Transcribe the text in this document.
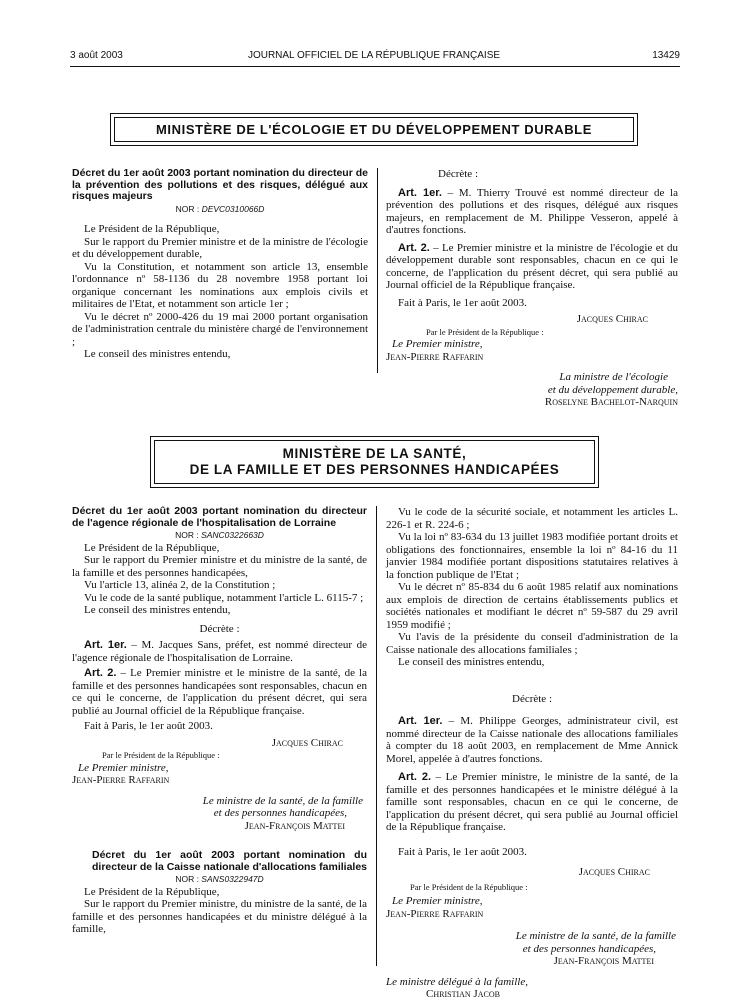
3 août 2003	JOURNAL OFFICIEL DE LA RÉPUBLIQUE FRANÇAISE	13429
MINISTÈRE DE L'ÉCOLOGIE ET DU DÉVELOPPEMENT DURABLE

Décret du 1er août 2003 portant nomination du directeur de la prévention des pollutions et des risques, délégué aux risques majeurs

NOR : DEVC0310066D

Le Président de la République,

Sur le rapport du Premier ministre et de la ministre de l'écologie et du développement durable,

Vu la Constitution, et notamment son article 13, ensemble l'ordonnance nº 58-1136 du 28 novembre 1958 portant loi organique concernant les nominations aux emplois civils et militaires de l'Etat, et notamment son article 1er ;

Vu le décret nº 2000-426 du 19 mai 2000 portant organisation de l'administration centrale du ministère chargé de l'environnement ;

Le conseil des ministres entendu,

Décrète :

Art. 1er. – M. Thierry Trouvé est nommé directeur de la prévention des pollutions et des risques, délégué aux risques majeurs, en remplacement de M. Philippe Vesseron, appelé à d'autres fonctions.

Art. 2. – Le Premier ministre et la ministre de l'écologie et du développement durable sont responsables, chacun en ce qui le concerne, de l'application du présent décret, qui sera publié au Journal officiel de la République française.

Fait à Paris, le 1er août 2003.

Jacques Chirac

Par le Président de la République :

Le Premier ministre,

Jean-Pierre Raffarin

La ministre de l'écologie

et du développement durable,

Roselyne Bachelot-Narquin

MINISTÈRE DE LA SANTÉ,
DE LA FAMILLE ET DES PERSONNES HANDICAPÉES

Décret du 1er août 2003 portant nomination du directeur de l'agence régionale de l'hospitalisation de Lorraine

NOR : SANC0322663D

Le Président de la République,

Sur le rapport du Premier ministre et du ministre de la santé, de la famille et des personnes handicapées,

Vu l'article 13, alinéa 2, de la Constitution ;

Vu le code de la santé publique, notamment l'article L. 6115-7 ;

Le conseil des ministres entendu,

Décrète :

Art. 1er. – M. Jacques Sans, préfet, est nommé directeur de l'agence régionale de l'hospitalisation de Lorraine.

Art. 2. – Le Premier ministre et le ministre de la santé, de la famille et des personnes handicapées sont responsables, chacun en ce qui le concerne, de l'application du présent décret, qui sera publié au Journal officiel de la République française.

Fait à Paris, le 1er août 2003.

Jacques Chirac

Par le Président de la République :

Le Premier ministre,

Jean-Pierre Raffarin

Le ministre de la santé, de la famille

et des personnes handicapées,

Jean-François Mattei

Décret du 1er août 2003 portant nomination du directeur de la Caisse nationale d'allocations familiales

NOR : SANS0322947D

Le Président de la République,

Sur le rapport du Premier ministre, du ministre de la santé, de la famille et des personnes handicapées et du ministre délégué à la famille,

Vu le code de la sécurité sociale, et notamment les articles L. 226-1 et R. 224-6 ;

Vu la loi nº 83-634 du 13 juillet 1983 modifiée portant droits et obligations des fonctionnaires, ensemble la loi nº 84-16 du 11 janvier 1984 modifiée portant dispositions statutaires relatives à la fonction publique de l'Etat ;

Vu le décret nº 85-834 du 6 août 1985 relatif aux nominations aux emplois de direction de certains établissements publics et sociétés nationales et modifiant le décret nº 59-587 du 29 avril 1959 modifié ;

Vu l'avis de la présidente du conseil d'administration de la Caisse nationale des allocations familiales ;

Le conseil des ministres entendu,

Décrète :

Art. 1er. – M. Philippe Georges, administrateur civil, est nommé directeur de la Caisse nationale des allocations familiales à compter du 18 août 2003, en remplacement de Mme Annick Morel, appelée à d'autres fonctions.

Art. 2. – Le Premier ministre, le ministre de la santé, de la famille et des personnes handicapées et le ministre délégué à la famille sont responsables, chacun en ce qui le concerne, de l'application du présent décret, qui sera publié au Journal officiel de la République française.

Fait à Paris, le 1er août 2003.

Jacques Chirac

Par le Président de la République :

Le Premier ministre,

Jean-Pierre Raffarin

Le ministre de la santé, de la famille

et des personnes handicapées,

Jean-François Mattei

Le ministre délégué à la famille,

Christian Jacob
